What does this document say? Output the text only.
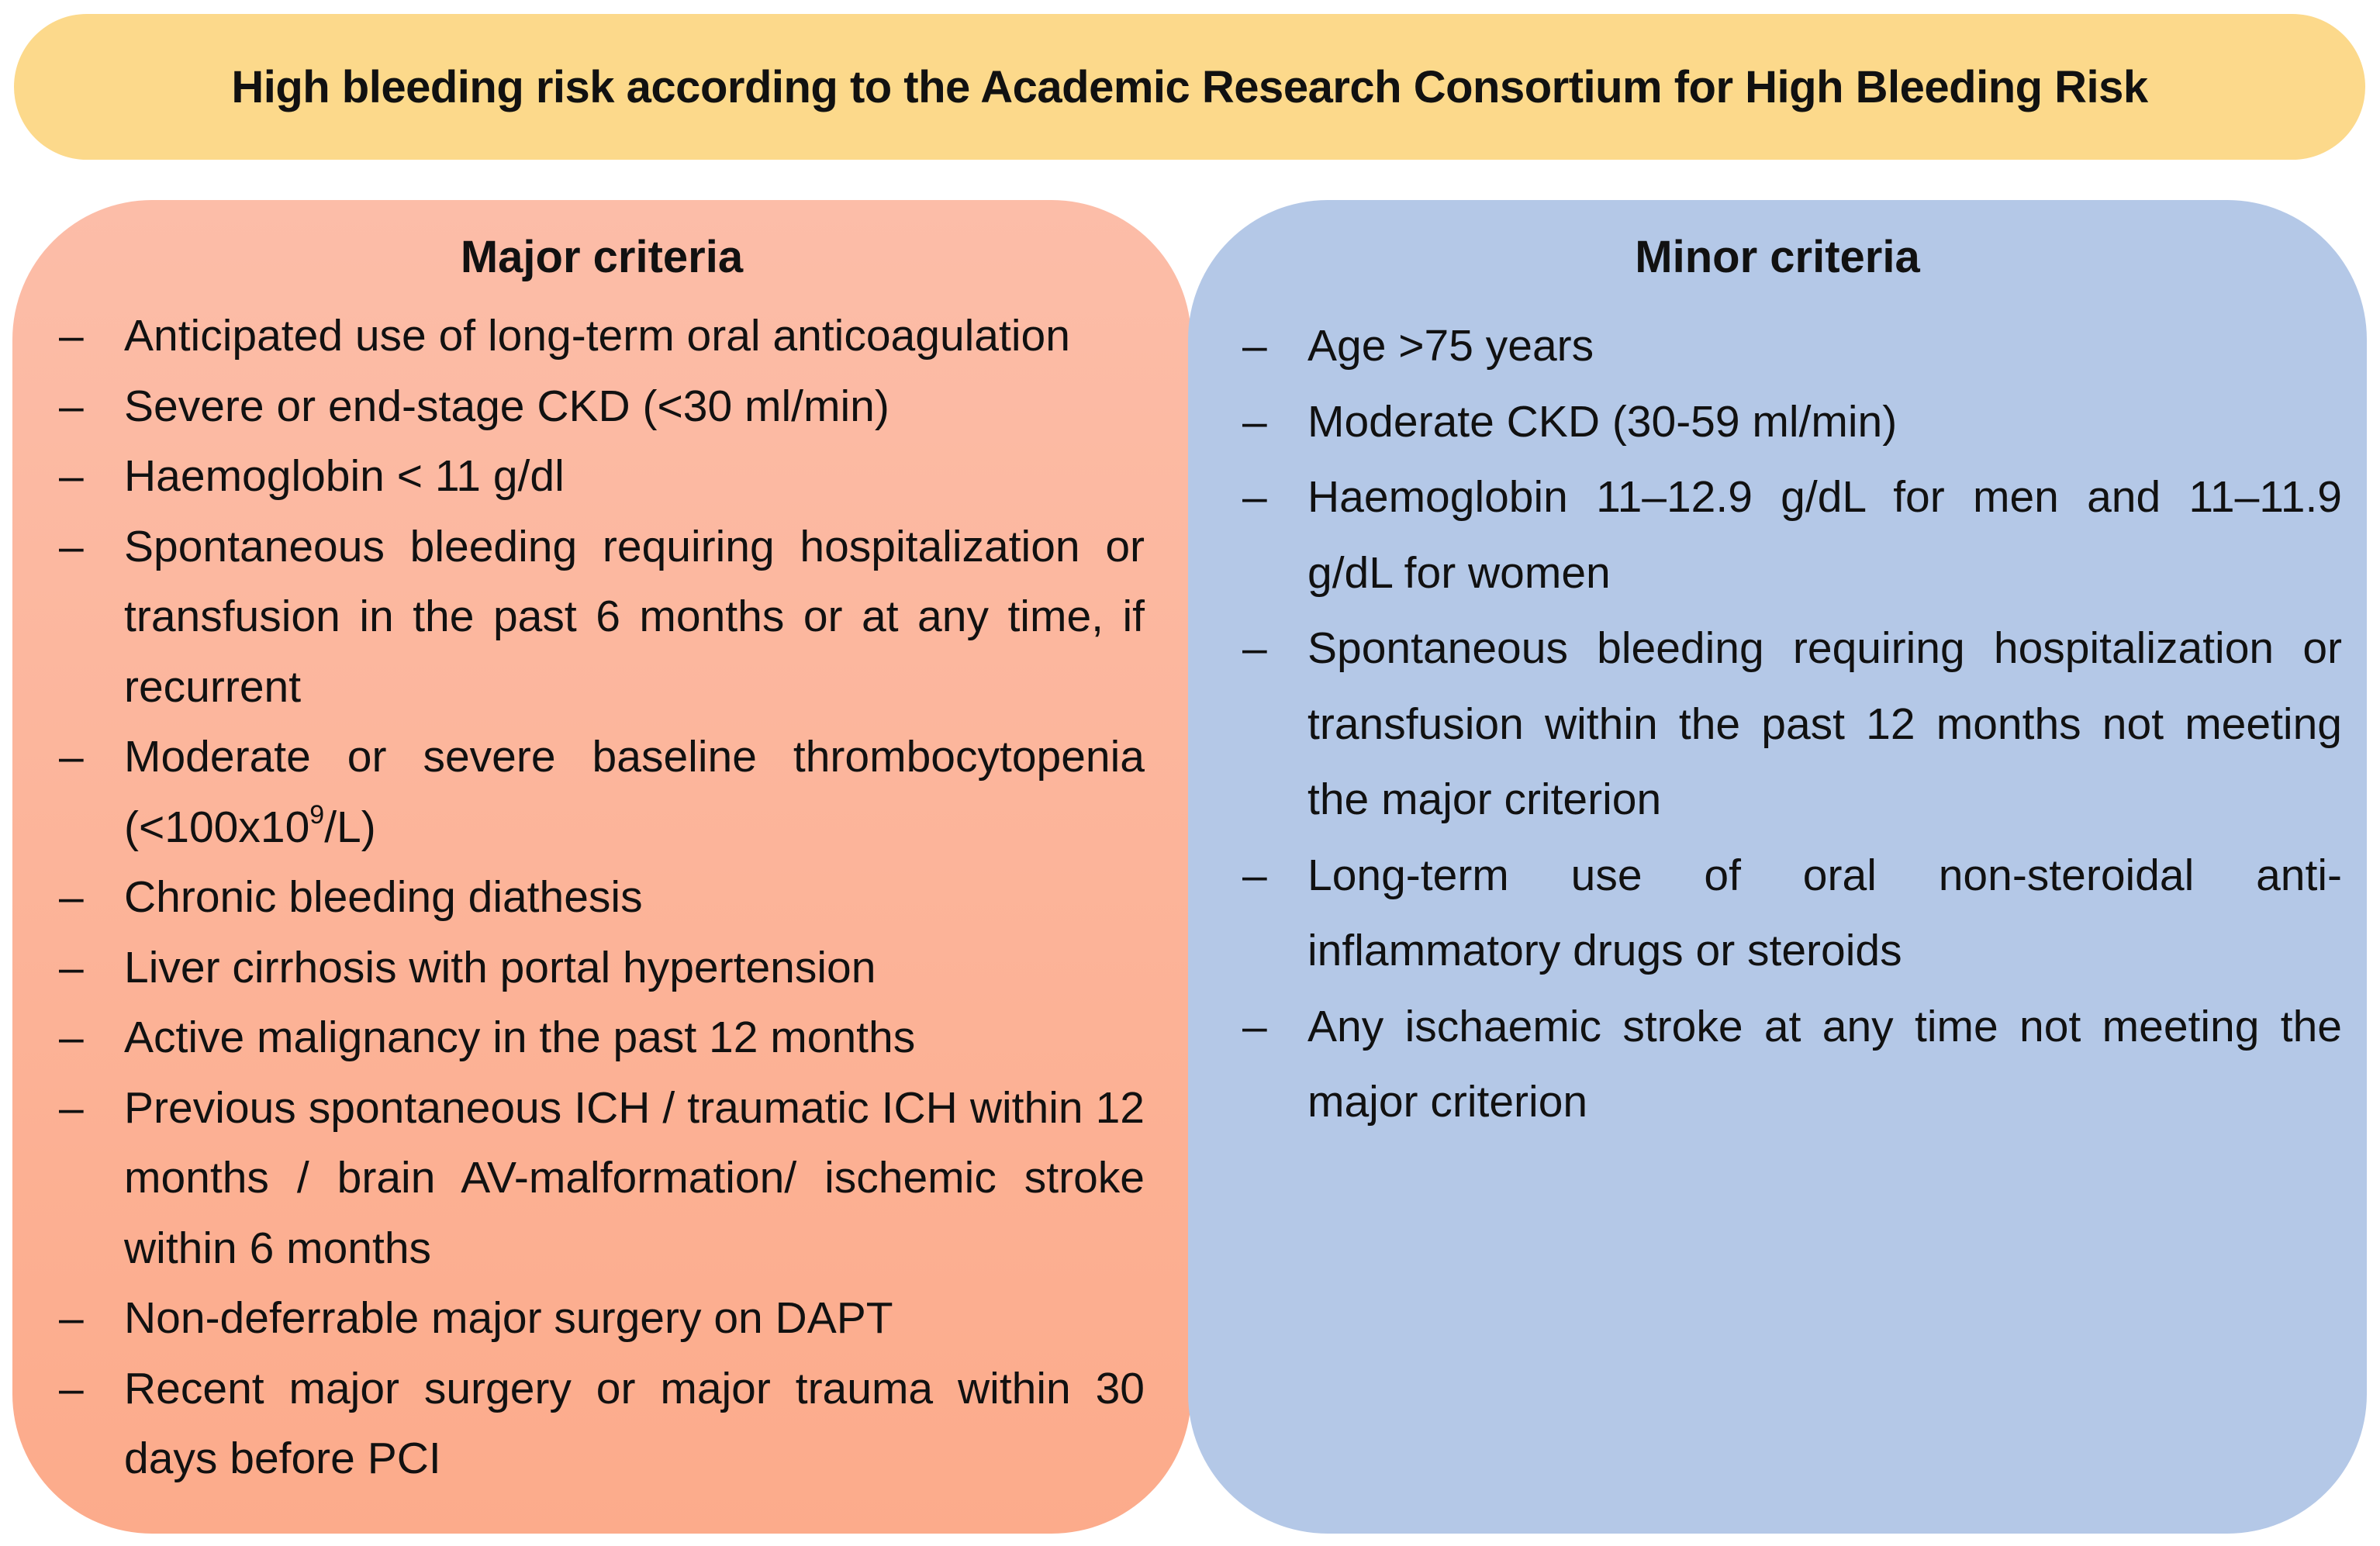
High bleeding risk according to the Academic Research Consortium for High Bleeding Risk
Major criteria
– Anticipated use of long-term oral anticoagulation
– Severe or end-stage CKD (<30 ml/min)
– Haemoglobin < 11 g/dl
– Spontaneous bleeding requiring hospitalization or transfusion in the past 6 months or at any time, if recurrent
– Moderate or severe baseline thrombocytopenia $(<100x10^9/L)$
– Chronic bleeding diathesis
– Liver cirrhosis with portal hypertension
– Active malignancy in the past 12 months
– Previous spontaneous ICH / traumatic ICH within 12 months / brain AV-malformation/ ischemic stroke within 6 months
– Non-deferrable major surgery on DAPT
– Recent major surgery or major trauma within 30 days before PCI
Minor criteria
– Age >75 years
– Moderate CKD (30-59 ml/min)
– Haemoglobin 11–12.9 g/dL for men and 11–11.9 g/dL for women
– Spontaneous bleeding requiring hospitalization or transfusion within the past 12 months not meeting the major criterion
– Long-term use of oral non-steroidal anti-inflammatory drugs or steroids
– Any ischaemic stroke at any time not meeting the major criterion
